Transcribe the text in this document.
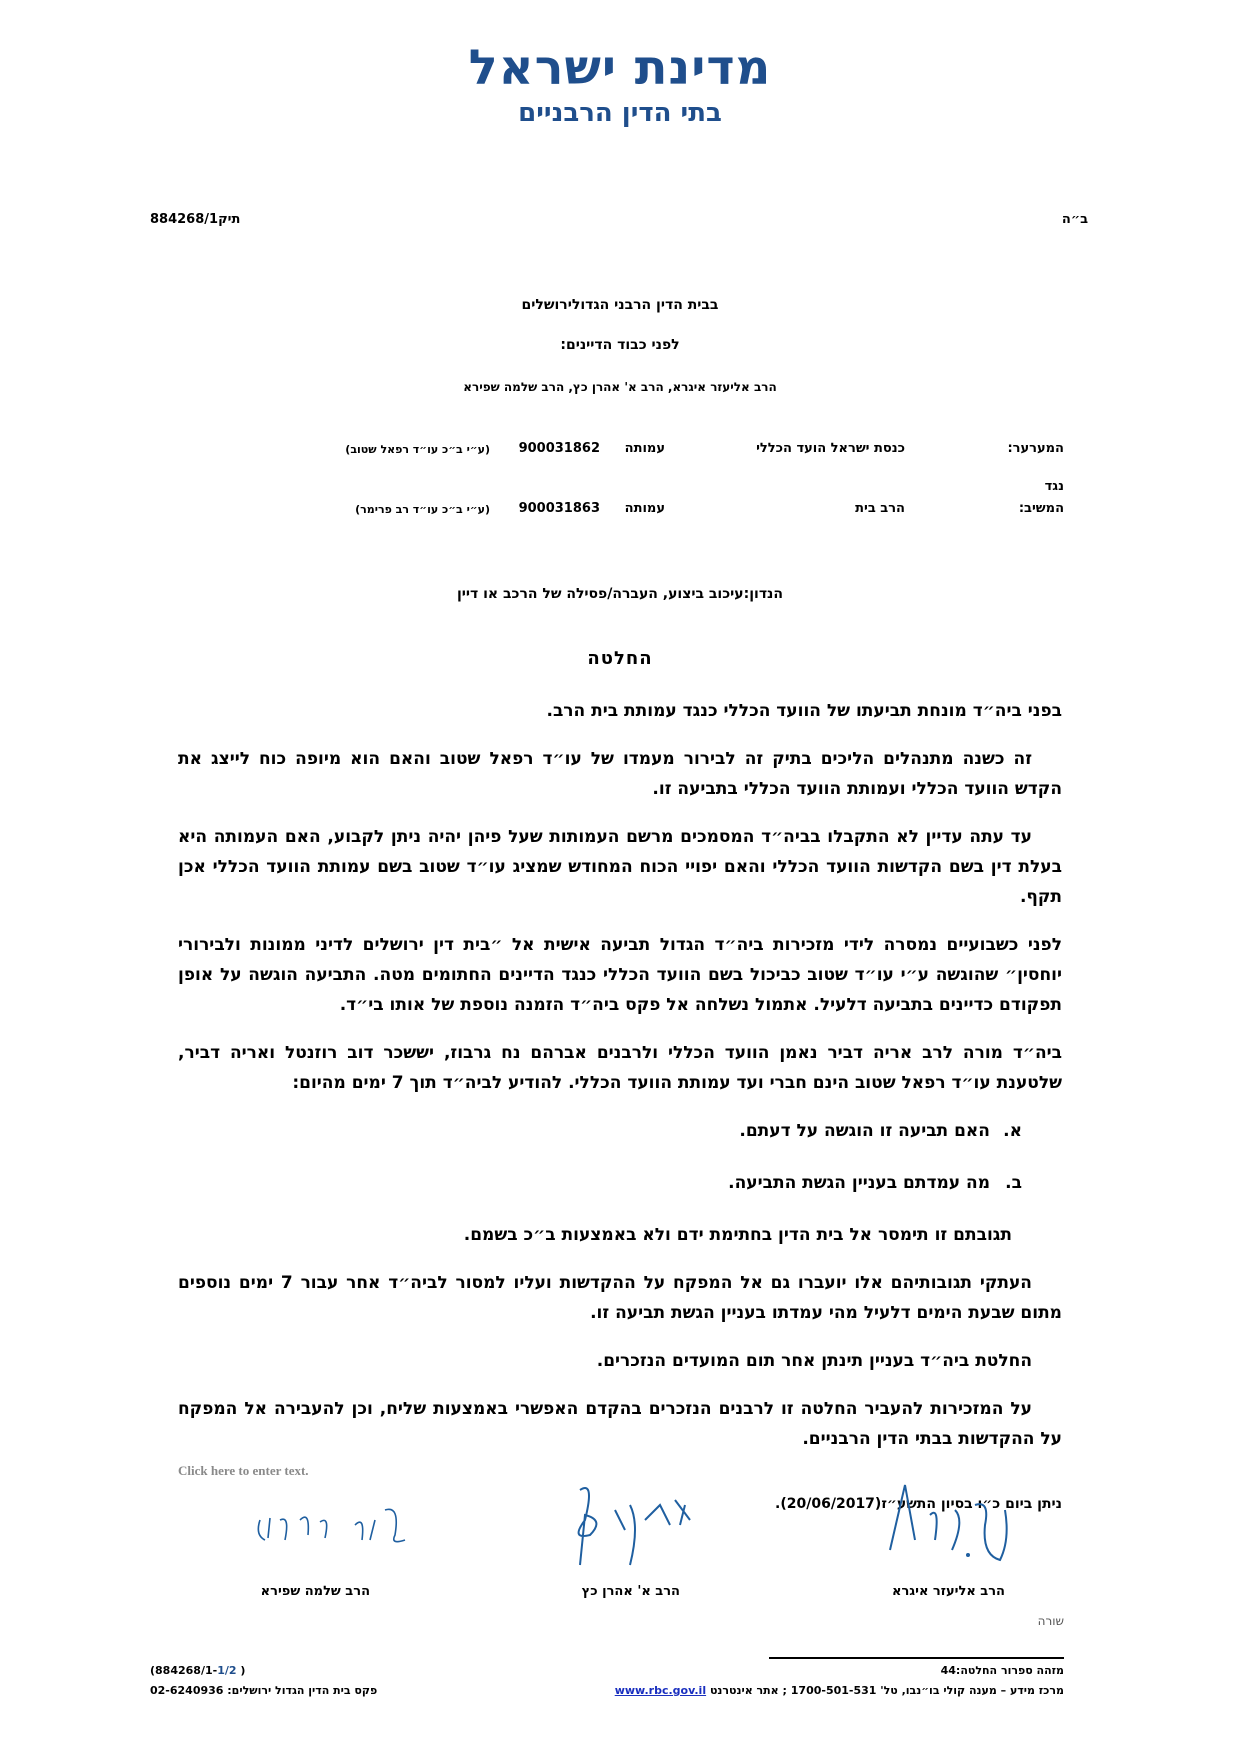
מדינת ישראל
בתי הדין הרבניים
ב״ה
תיק884268/1
בבית הדין הרבני הגדולירושלים
לפני כבוד הדיינים:
הרב אליעזר איגרא, הרב א' אהרן כץ, הרב שלמה שפירא
המערער:
כנסת ישראל הועד הכללי
עמותה
900031862
(ע״י ב״כ עו״ד רפאל שטוב)
נגד
המשיב:
הרב בית
עמותה
900031863
(ע״י ב״כ עו״ד רב פרימר)
הנדון:עיכוב ביצוע, העברה/פסילה של הרכב או דיין
החלטה

בפני ביה״ד מונחת תביעתו של הוועד הכללי כנגד עמותת בית הרב.

זה כשנה מתנהלים הליכים בתיק זה לבירור מעמדו של עו״ד רפאל שטוב והאם הוא מיופה כוח לייצג את הקדש הוועד הכללי ועמותת הוועד הכללי בתביעה זו.

עד עתה עדיין לא התקבלו בביה״ד המסמכים מרשם העמותות שעל פיהן יהיה ניתן לקבוע, האם העמותה היא בעלת דין בשם הקדשות הוועד הכללי והאם יפויי הכוח המחודש שמציג עו״ד שטוב בשם עמותת הוועד הכללי אכן תקף.

לפני כשבועיים נמסרה לידי מזכירות ביה״ד הגדול תביעה אישית אל ״בית דין ירושלים לדיני ממונות ולבירורי יוחסין״ שהוגשה ע״י עו״ד שטוב כביכול בשם הוועד הכללי כנגד הדיינים החתומים מטה. התביעה הוגשה על אופן תפקודם כדיינים בתביעה דלעיל. אתמול נשלחה אל פקס ביה״ד הזמנה נוספת של אותו בי״ד.

ביה״ד מורה לרב אריה דביר נאמן הוועד הכללי ולרבנים אברהם נח גרבוז, יששכר דוב רוזנטל ואריה דביר, שלטענת עו״ד רפאל שטוב הינם חברי ועד עמותת הוועד הכללי. להודיע לביה״ד תוך 7 ימים מהיום:

א.האם תביעה זו הוגשה על דעתם.
ב.מה עמדתם בעניין הגשת התביעה.

תגובתם זו תימסר אל בית הדין בחתימת ידם ולא באמצעות ב״כ בשמם.

העתקי תגובותיהם אלו יועברו גם אל המפקח על ההקדשות ועליו למסור לביה״ד אחר עבור 7 ימים נוספים מתום שבעת הימים דלעיל מהי עמדתו בעניין הגשת תביעה זו.

החלטת ביה״ד בעניין תינתן אחר תום המועדים הנזכרים.

על המזכירות להעביר החלטה זו לרבנים הנזכרים בהקדם האפשרי באמצעות שליח, וכן להעבירה אל המפקח על ההקדשות בבתי הדין הרבניים.

Click here to enter text.
ניתן ביום כ״ו בסיון התשע״ז(20/06/2017).
הרב אליעזר איגרא
הרב א' אהרן כץ
הרב שלמה שפירא
שורה
מזהה ספרור החלטה:44
מרכז מידע – מענה קולי בו״נבו, טל' 1700-501-531 ; אתר אינטרנט www.rbc.gov.il
(884268/1-1/2 )
פקס בית הדין הגדול ירושלים: 02-6240936
